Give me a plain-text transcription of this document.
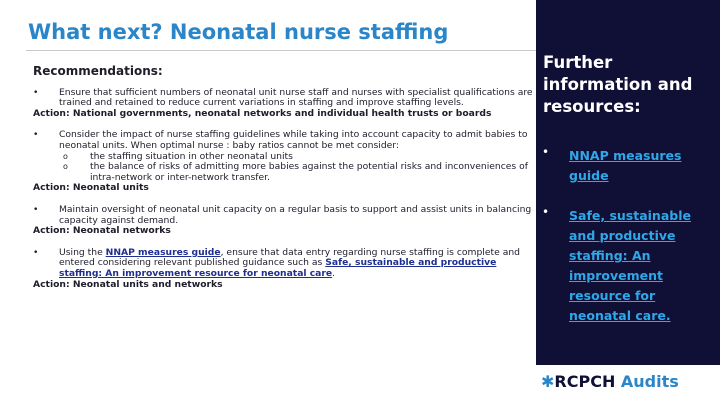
What next? Neonatal nurse staffing
Recommendations:
• Ensure that sufficient numbers of neonatal unit nurse staff and nurses with specialist qualifications are trained and retained to reduce current variations in staffing and improve staffing levels.
Action: National governments, neonatal networks and individual health trusts or boards
• Consider the impact of nurse staffing guidelines while taking into account capacity to admit babies to neonatal units. When optimal nurse : baby ratios cannot be met consider:
o the staffing situation in other neonatal units
o the balance of risks of admitting more babies against the potential risks and inconveniences of intra-network or inter-network transfer.
Action: Neonatal units
• Maintain oversight of neonatal unit capacity on a regular basis to support and assist units in balancing capacity against demand.
Action: Neonatal networks
• Using the NNAP measures guide, ensure that data entry regarding nurse staffing is complete and entered considering relevant published guidance such as Safe, sustainable and productive staffing: An improvement resource for neonatal care.
Action: Neonatal units and networks
Further information and resources:
• NNAP measures guide
• Safe, sustainable and productive staffing: An improvement resource for neonatal care.
✱RCPCH Audits
